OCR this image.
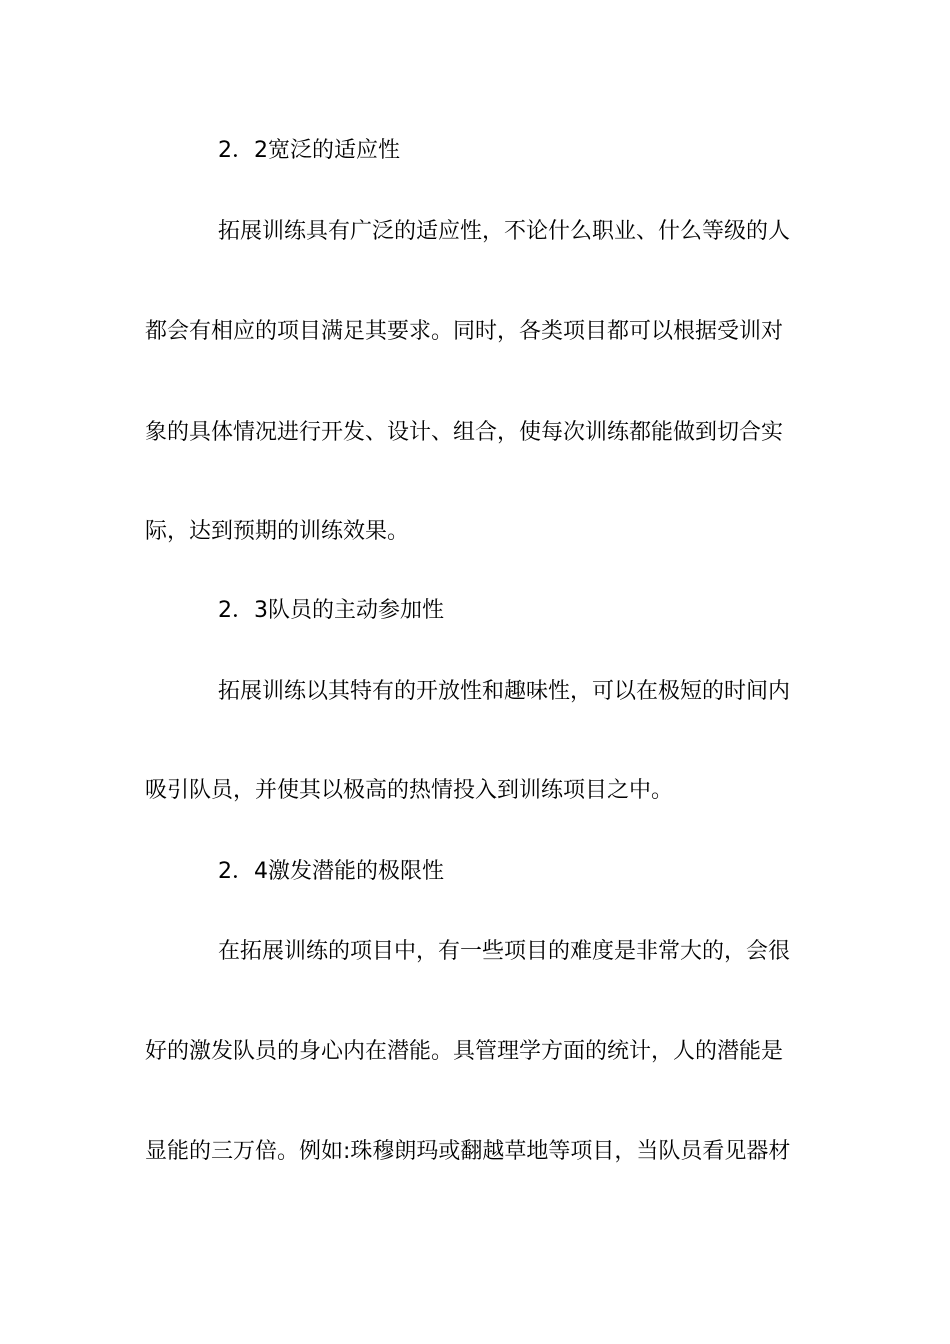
2．2宽泛的适应性
拓展训练具有广泛的适应性，不论什么职业、什么等级的人
都会有相应的项目满足其要求。同时，各类项目都可以根据受训对
象的具体情况进行开发、设计、组合，使每次训练都能做到切合实
际，达到预期的训练效果。
2．3队员的主动参加性
拓展训练以其特有的开放性和趣味性，可以在极短的时间内
吸引队员，并使其以极高的热情投入到训练项目之中。
2．4激发潜能的极限性
在拓展训练的项目中，有一些项目的难度是非常大的，会很
好的激发队员的身心内在潜能。具管理学方面的统计，人的潜能是
显能的三万倍。例如:珠穆朗玛或翻越草地等项目，当队员看见器材
